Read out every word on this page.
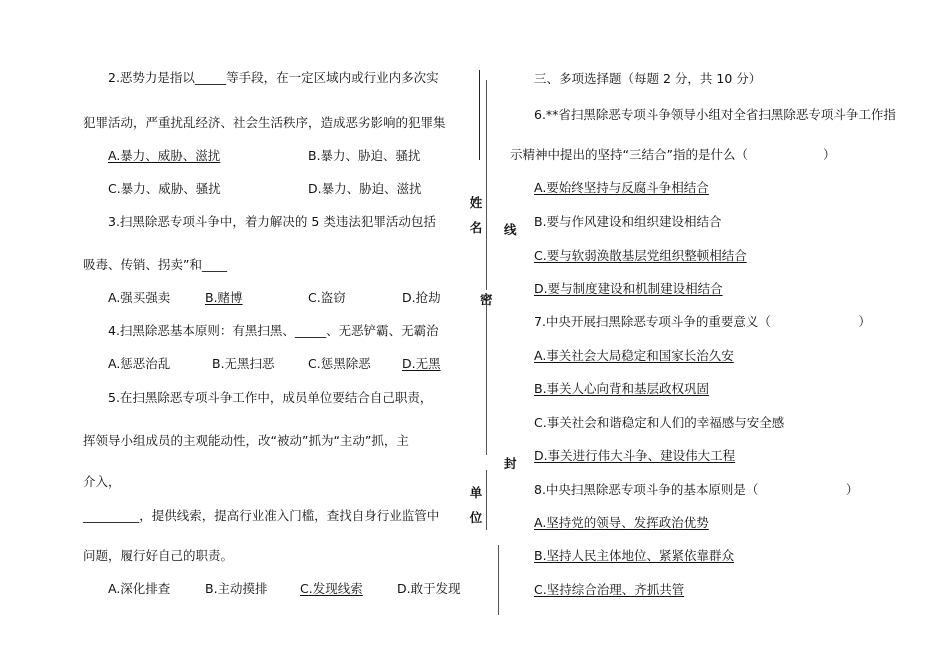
2.恶势力是指以_____等手段，在一定区域内或行业内多次实
犯罪活动，严重扰乱经济、社会生活秩序，造成恶劣影响的犯罪集
A.暴力、威胁、滋扰	B.暴力、胁迫、骚扰
C.暴力、威胁、骚扰	D.暴力、胁迫、滋扰
3.扫黑除恶专项斗争中，着力解决的 5 类违法犯罪活动包括
吸毒、传销、拐卖”和____
A.强买强卖	B.赌博	C.盗窃	D.抢劫
4.扫黑除恶基本原则：有黑扫黑、_____、无恶铲霸、无霸治
A.惩恶治乱	B.无黑扫恶	C.惩黑除恶	D.无黑
5.在扫黑除恶专项斗争工作中，成员单位要结合自己职责，
挥领导小组成员的主观能动性，改“被动”抓为“主动”抓，主
介入，
_________，提供线索，提高行业准入门槛，查找自身行业监管中
问题，履行好自己的职责。
A.深化排查	B.主动摸排	C.发现线索	D.敢于发现
姓　名 线
密
封
单　位
三、多项选择题（每题 2 分，共 10 分）
6.**省扫黑除恶专项斗争领导小组对全省扫黑除恶专项斗争工作指
示精神中提出的坚持“三结合”指的是什么（　　　　　　）
A.要始终坚持与反腐斗争相结合
B.要与作风建设和组织建设相结合
C.要与软弱涣散基层党组织整顿相结合
D.要与制度建设和机制建设相结合
7.中央开展扫黑除恶专项斗争的重要意义（　　　　　　　）
A.事关社会大局稳定和国家长治久安
B.事关人心向背和基层政权巩固
C.事关社会和谐稳定和人们的幸福感与安全感
D.事关进行伟大斗争、建设伟大工程
8.中央扫黑除恶专项斗争的基本原则是（　　　　　　　）
A.坚持党的领导、发挥政治优势
B.坚持人民主体地位、紧紧依靠群众
C.坚持综合治理、齐抓共管
